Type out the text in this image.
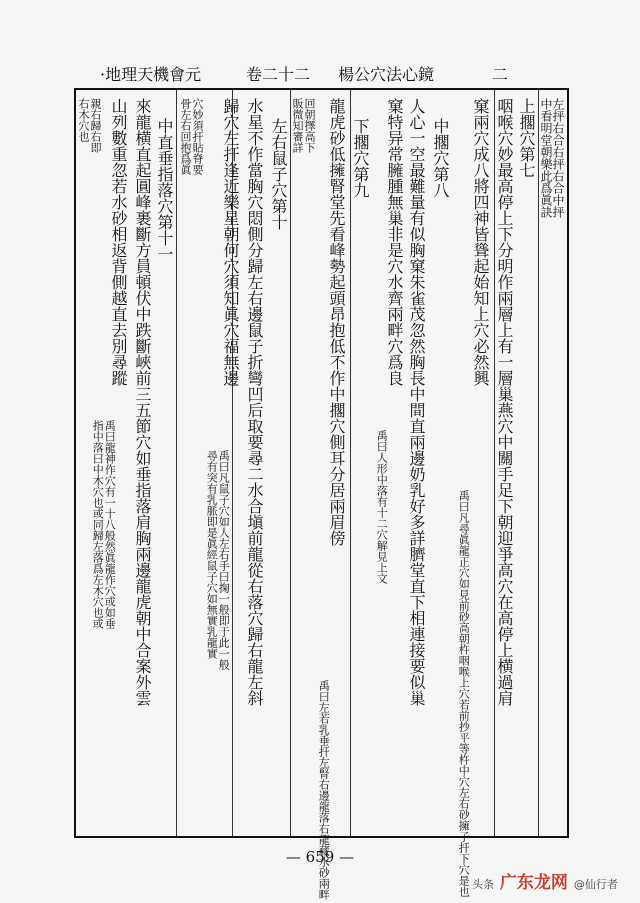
·地理天機會元	卷二十二 楊公穴法心鏡	二
左抨右合右抨右合中抨
中看明堂朝樂此爲眞訣
上擱穴第七
咽喉穴妙最高停上下分明作兩層上有一層巢燕穴中關手足下朝迎爭高穴在高停上横過肩
窠兩穴成八將四神皆聳起始知上穴必然興
禹曰凡尋眞龍正穴如見前砂高朝杵咽喉上穴若前抄平等杵中穴左右砂擁子扞下穴是也
中擱穴第八
人心一空最難量有似胸窠朱雀茂忽然胸長中間直兩邊奶乳好多詳臍堂直下相連接要似巢
窠特异常臃腫無巢非是穴水齊兩畔穴爲良
禹曰人形中落有十二穴解見上文
下擱穴第九
龍虎砂低擁腎堂先看峰勢起頭昂抱低不作中擱穴側耳分居兩眉傍
禹曰左若乳垂扞左腎右邊龍落右龍藏水砂兩畔
回朝擇高下
販微知審詳
左右鼠子穴第十
水星不作當胸穴悶側分歸左右邊鼠子折彎凹后取要尋二水合塡前龍從右落穴歸右龍左斜
歸穴左扞逢近樂星朝何穴須知眞穴福無邊
禹曰凡鼠子穴如人左右手曰掬一般即于此一般
尋有突有乳脈即是眞經鼠子穴如無實乳龍實
穴妙須扞貼脊要
骨左右回抱爲眞
中直垂指落穴第十一
來龍横直起圓峰裹斷方員頓伏中跌斷峽前三五節穴如垂指落肩胸兩邊龍虎朝中合案外雲
山列數重忽若水砂相返背側越直去別尋蹤
禹曰龍神作穴有一十八般然眞龍作穴或如垂
指中落曰中木穴也或同歸左落爲左木穴也或
親右歸右即
右木穴也
— 659 —
头条 广东龙网 @仙行者
